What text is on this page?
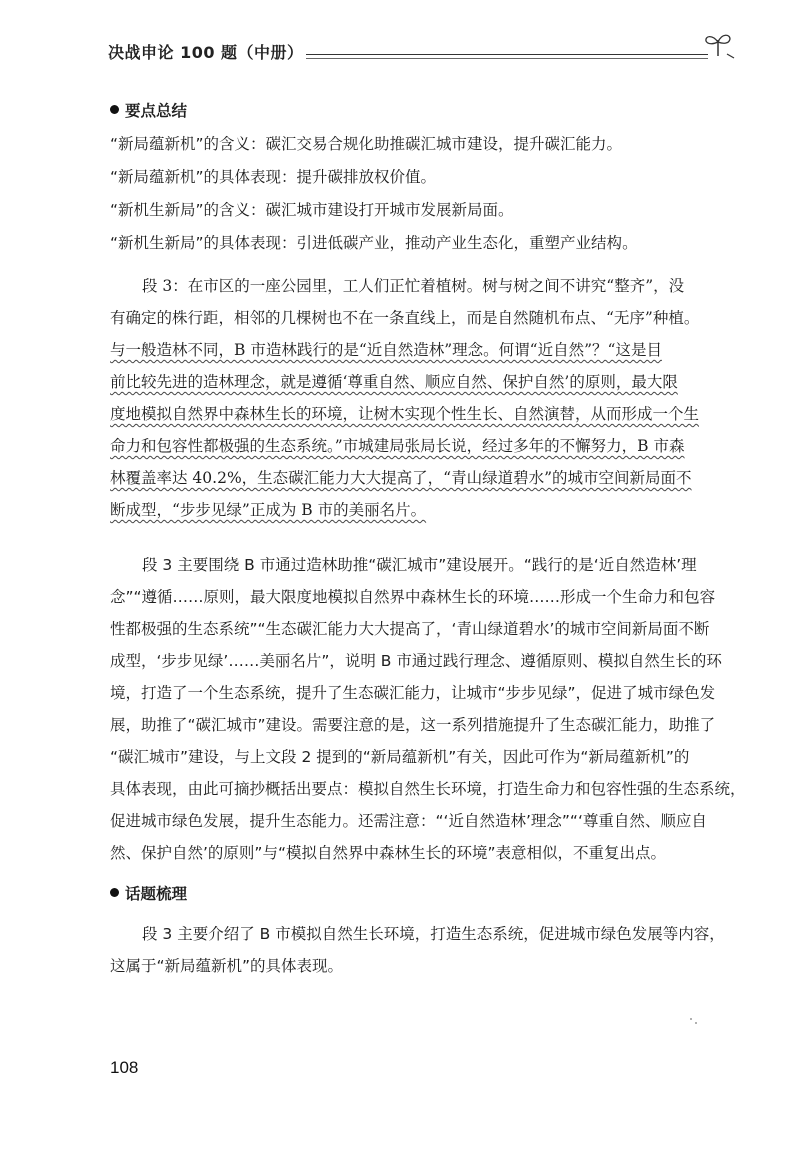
决战申论 100 题（中册）
要点总结
“新局蕴新机”的含义：碳汇交易合规化助推碳汇城市建设，提升碳汇能力。
“新局蕴新机”的具体表现：提升碳排放权价值。
“新机生新局”的含义：碳汇城市建设打开城市发展新局面。
“新机生新局”的具体表现：引进低碳产业，推动产业生态化，重塑产业结构。
段 3：在市区的一座公园里，工人们正忙着植树。树与树之间不讲究“整齐”，没
有确定的株行距，相邻的几棵树也不在一条直线上，而是自然随机布点、“无序”种植。
与一般造林不同，B 市造林践行的是“近自然造林”理念。何谓“近自然”？“这是目
前比较先进的造林理念，就是遵循‘尊重自然、顺应自然、保护自然’的原则，最大限
度地模拟自然界中森林生长的环境，让树木实现个性生长、自然演替，从而形成一个生
命力和包容性都极强的生态系统。”市城建局张局长说，经过多年的不懈努力，B 市森
林覆盖率达 40.2%，生态碳汇能力大大提高了，“青山绿道碧水”的城市空间新局面不
断成型，“步步见绿”正成为 B 市的美丽名片。
段 3 主要围绕 B 市通过造林助推“碳汇城市”建设展开。“践行的是‘近自然造林’理
念”“遵循……原则，最大限度地模拟自然界中森林生长的环境……形成一个生命力和包容
性都极强的生态系统”“生态碳汇能力大大提高了，‘青山绿道碧水’的城市空间新局面不断
成型，‘步步见绿’……美丽名片”，说明 B 市通过践行理念、遵循原则、模拟自然生长的环
境，打造了一个生态系统，提升了生态碳汇能力，让城市“步步见绿”，促进了城市绿色发
展，助推了“碳汇城市”建设。需要注意的是，这一系列措施提升了生态碳汇能力，助推了
“碳汇城市”建设，与上文段 2 提到的“新局蕴新机”有关，因此可作为“新局蕴新机”的
具体表现，由此可摘抄概括出要点：模拟自然生长环境，打造生命力和包容性强的生态系统，
促进城市绿色发展，提升生态能力。还需注意：“‘近自然造林’理念”“‘尊重自然、顺应自
然、保护自然’的原则”与“模拟自然界中森林生长的环境”表意相似，不重复出点。
话题梳理
段 3 主要介绍了 B 市模拟自然生长环境，打造生态系统，促进城市绿色发展等内容，
这属于“新局蕴新机”的具体表现。
108
